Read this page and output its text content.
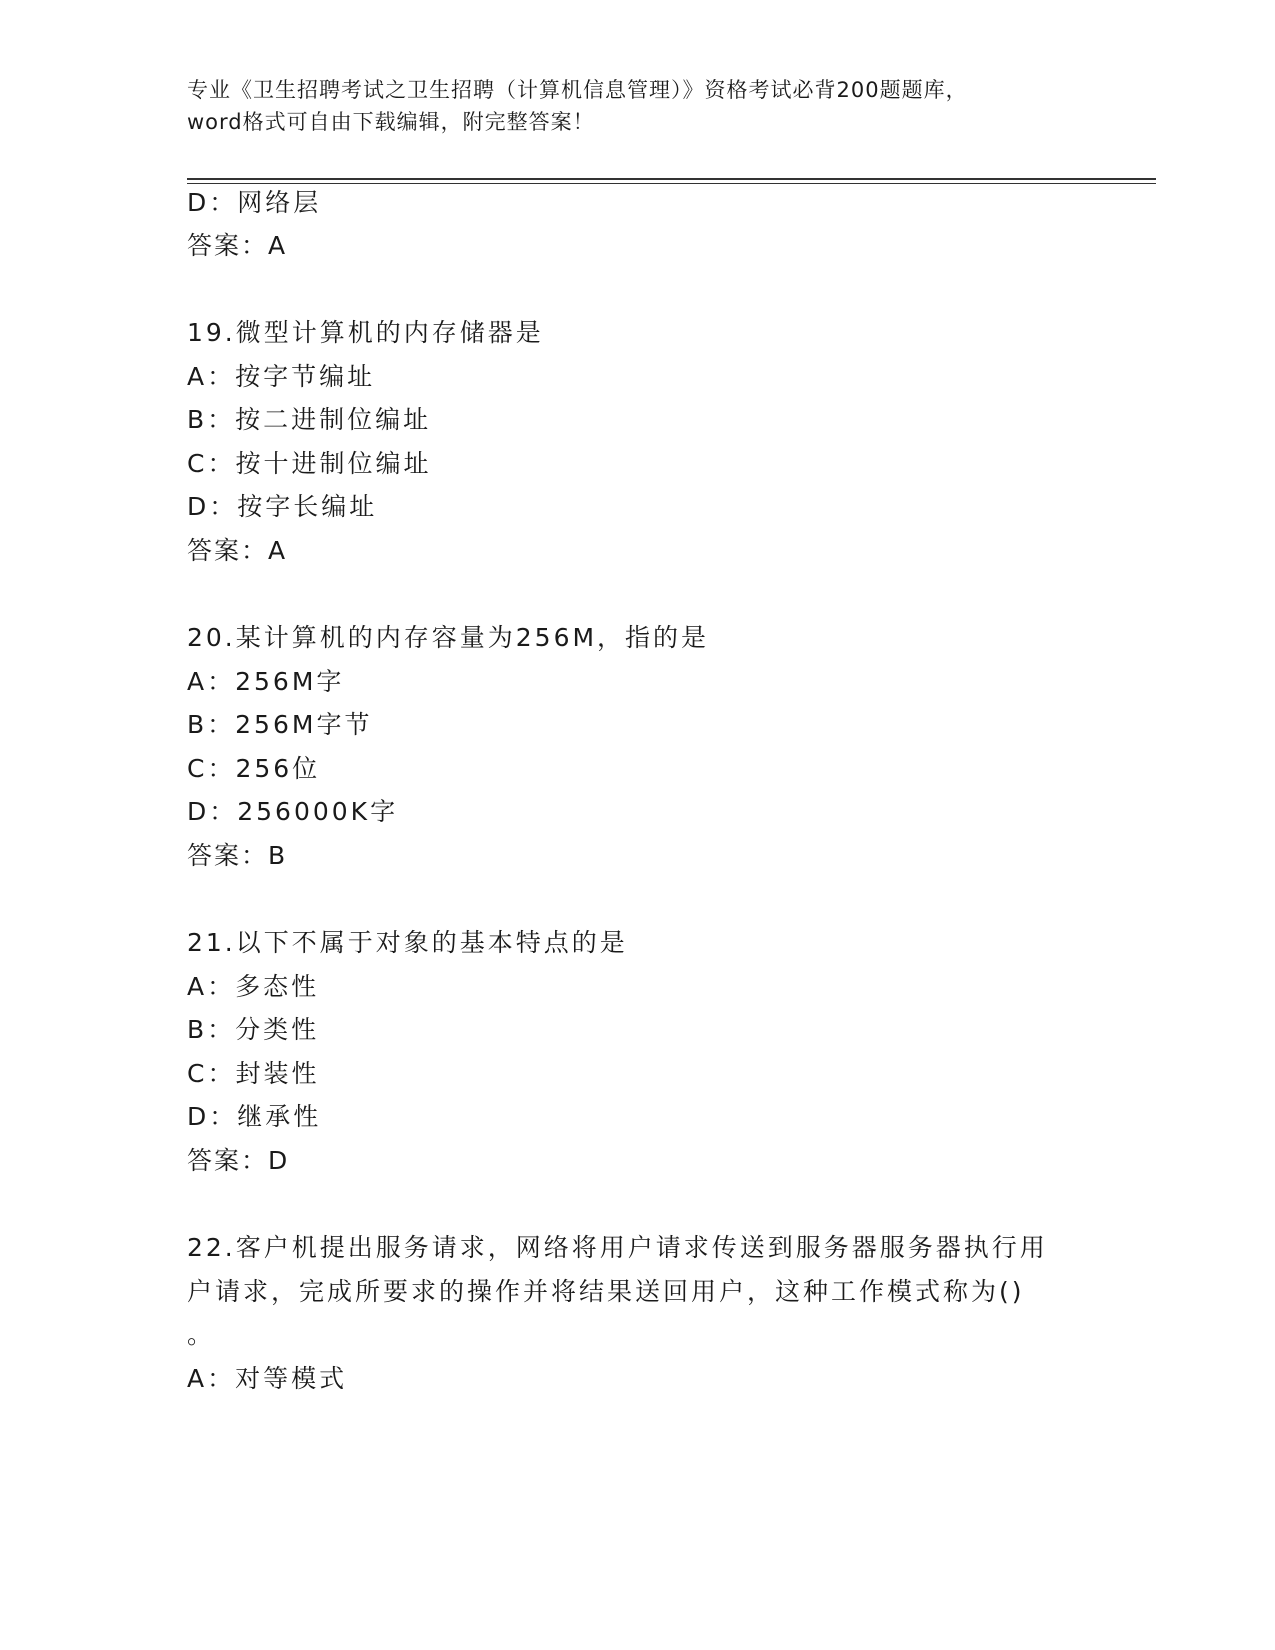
专业《卫生招聘考试之卫生招聘（计算机信息管理）》资格考试必背200题题库，
word格式可自由下载编辑，附完整答案！
D：网络层
答案：A
19.微型计算机的内存储器是
A：按字节编址
B：按二进制位编址
C：按十进制位编址
D：按字长编址
答案：A
20.某计算机的内存容量为256M，指的是
A：256M字
B：256M字节
C：256位
D：256000K字
答案：B
21.以下不属于对象的基本特点的是
A：多态性
B：分类性
C：封装性
D：继承性
答案：D
22.客户机提出服务请求，网络将用户请求传送到服务器服务器执行用
户请求，完成所要求的操作并将结果送回用户，这种工作模式称为()
。
A：对等模式
